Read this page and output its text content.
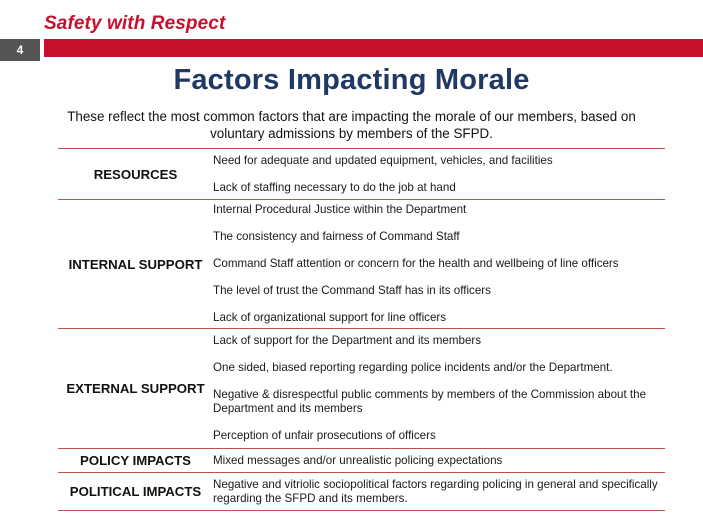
Safety with Respect
4
Factors Impacting Morale
These reflect the most common factors that are impacting the morale of our members, based on voluntary admissions by members of the SFPD.
RESOURCES	Need for adequate and updated equipment, vehicles, and facilities
Lack of staffing necessary to do the job at hand

INTERNAL SUPPORT	Internal Procedural Justice within the Department
The consistency and fairness of Command Staff
Command Staff attention or concern for the health and wellbeing of line officers
The level of trust the Command Staff has in its officers
Lack of organizational support for line officers

EXTERNAL SUPPORT	Lack of support for the Department and its members
One sided, biased reporting regarding police incidents and/or the Department.
Negative & disrespectful public comments by members of the Commission about the Department and its members
Perception of unfair prosecutions of officers

POLICY IMPACTS	Mixed messages and/or unrealistic policing expectations

POLITICAL IMPACTS	Negative and vitriolic sociopolitical factors regarding policing in general and specifically regarding the SFPD and its members.
